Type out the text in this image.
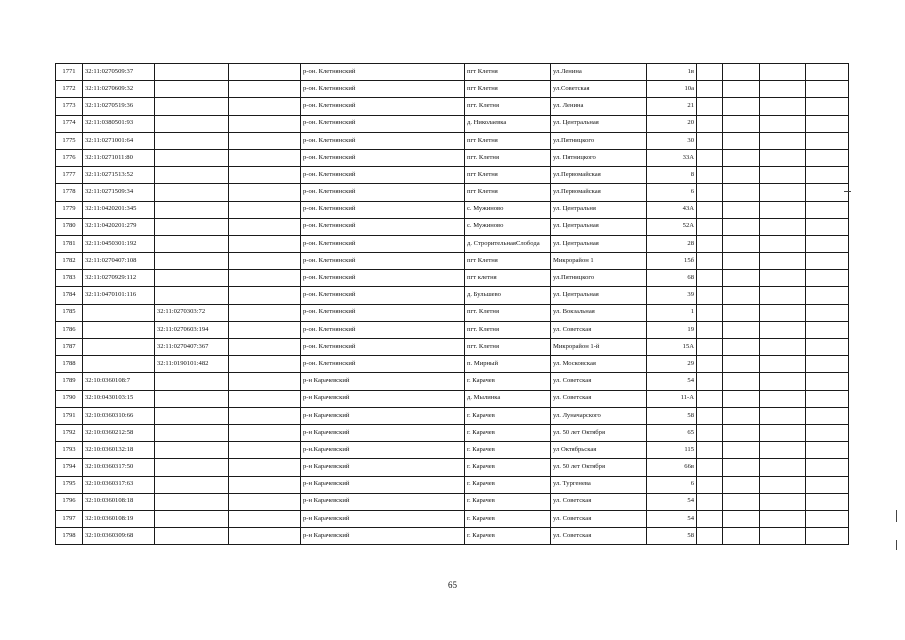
1771	32:11:0270509:37			р-он. Клетнянский	пгт Клетня	ул.Ленина	1в				
1772	32:11:0270609:32			р-он. Клетнянский	пгт Клетня	ул.Советская	10а				
1773	32:11:0270519:36			р-он. Клетнянский	пгт. Клетня	ул. Ленина	21				
1774	32:11:0380501:93			р-он. Клетнянский	д. Николаевка	ул. Центральная	20				
1775	32:11:0271001:64			р-он. Клетнянский	пгт Клетня	ул.Пятницкого	30				
1776	32:11:0271011:80			р-он. Клетнянский	пгт. Клетня	ул. Пятницкого	33А				
1777	32:11:0271513:52			р-он. Клетнянский	пгт Клетня	ул.Первомайская	8				
1778	32:11:0271509:34			р-он. Клетнянский	пгт Клетня	ул.Первомайская	6				
1779	32:11:0420201:345			р-он. Клетнянский	с. Мужиново	ул. Центральня	43А				
1780	32:11:0420201:279			р-он. Клетнянский	с. Мужиново	ул. Центральная	52А				
1781	32:11:0450301:192			р-он. Клетнянский	д. СтрорительнаяСлобода	ул. Центральная	28				
1782	32:11:0270407:108			р-он. Клетнянский	пгт Клетня	Микрорайон 1	15б				
1783	32:11:0270929:112			р-он. Клетнянский	пгт клетня	ул.Пятницкого	68				
1784	32:11:0470101:116			р-он. Клетнянский	д. Бульшево	ул. Центральная	39				
1785		32:11:0270303:72		р-он. Клетнянский	пгт. Клетня	ул. Вокзальная	1				
1786		32:11:0270603:194		р-он. Клетнянский	пгт. Клетня	ул. Советская	19				
1787		32:11:0270407:367		р-он. Клетнянский	пгт. Клетня	Микрорайон 1-й	15А				
1788		32:11:0190101:482		р-он. Клетнянский	п. Мирный	ул. Московская	29				
1789	32:10:0360108:7			р-н Карачевский	г. Карачев	ул. Советская	54				
1790	32:10:0430103:15			р-н Карачевский	д. Мылинка	ул. Советская	11-А				
1791	32:10:0360310:66			р-н Карачевский	г. Карачев	ул. Луначарского	58				
1792	32:10:0360212:58			р-н Карачевский	г. Карачев	ул. 50 лет Октября	65				
1793	32:10:0360132:18			р-н.Карачевский	г. Карачев	ул Октябрьская	115				
1794	32:10:0360317:50			р-н Карачевский	г. Карачев	ул. 50 лет Октября	66в				
1795	32:10:0360317:63			р-н Карачевский	г. Карачев	ул. Тургенева	6				
1796	32:10:0360108:18			р-н Карачевский	г. Карачев	ул. Советская	54				
1797	32:10:0360108:19			р-н Карачевский	г. Карачев	ул. Советская	54				
1798	32:10:0360309:68			р-н Карачевский	г. Карачев	ул. Советская	58				
65
